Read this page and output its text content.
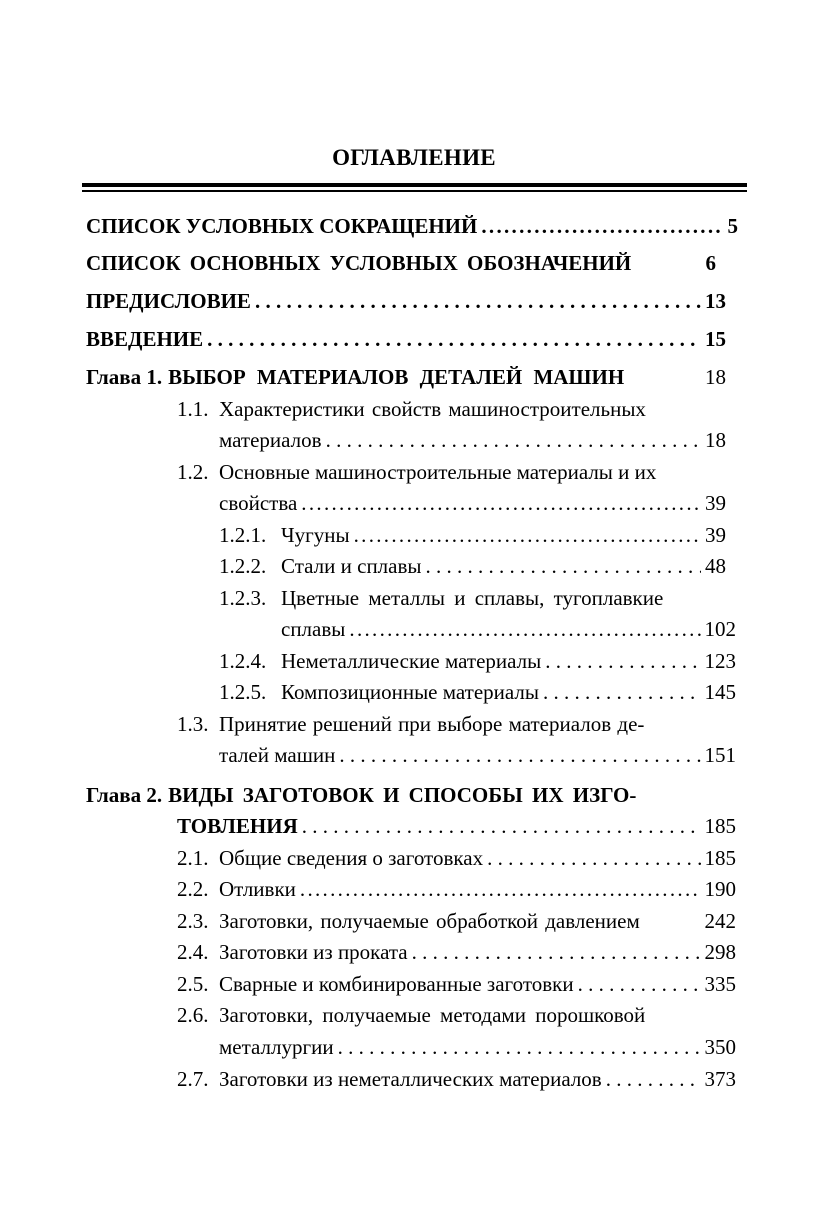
ОГЛАВЛЕНИЕ
СПИСОК УСЛОВНЫХ СОКРАЩЕНИЙ .....	5
СПИСОК ОСНОВНЫХ УСЛОВНЫХ ОБОЗНАЧЕНИЙ	6
ПРЕДИСЛОВИЕ . . .	13
ВВЕДЕНИЕ . . .	15
Глава 1. ВЫБОР МАТЕРИАЛОВ ДЕТАЛЕЙ МАШИН	18
1.1. Характеристики свойств машиностроительных
материалов . . .	18
1.2. Основные машиностроительные материалы и их
свойства .....	39
1.2.1. Чугуны .....	39
1.2.2. Стали и сплавы . . .	48
1.2.3. Цветные металлы и сплавы, тугоплавкие
сплавы .....	102
1.2.4. Неметаллические материалы . . .	123
1.2.5. Композиционные материалы . . .	145
1.3. Принятие решений при выборе материалов де-
талей машин . . .	151
Глава 2. ВИДЫ ЗАГОТОВОК И СПОСОБЫ ИХ ИЗГО-
ТОВЛЕНИЯ . . .	185
2.1. Общие сведения о заготовках . . .	185
2.2. Отливки .....	190
2.3. Заготовки, получаемые обработкой давлением	242
2.4. Заготовки из проката . . .	298
2.5. Сварные и комбинированные заготовки . . .	335
2.6. Заготовки, получаемые методами порошковой
металлургии . . .	350
2.7. Заготовки из неметаллических материалов . . .	373
